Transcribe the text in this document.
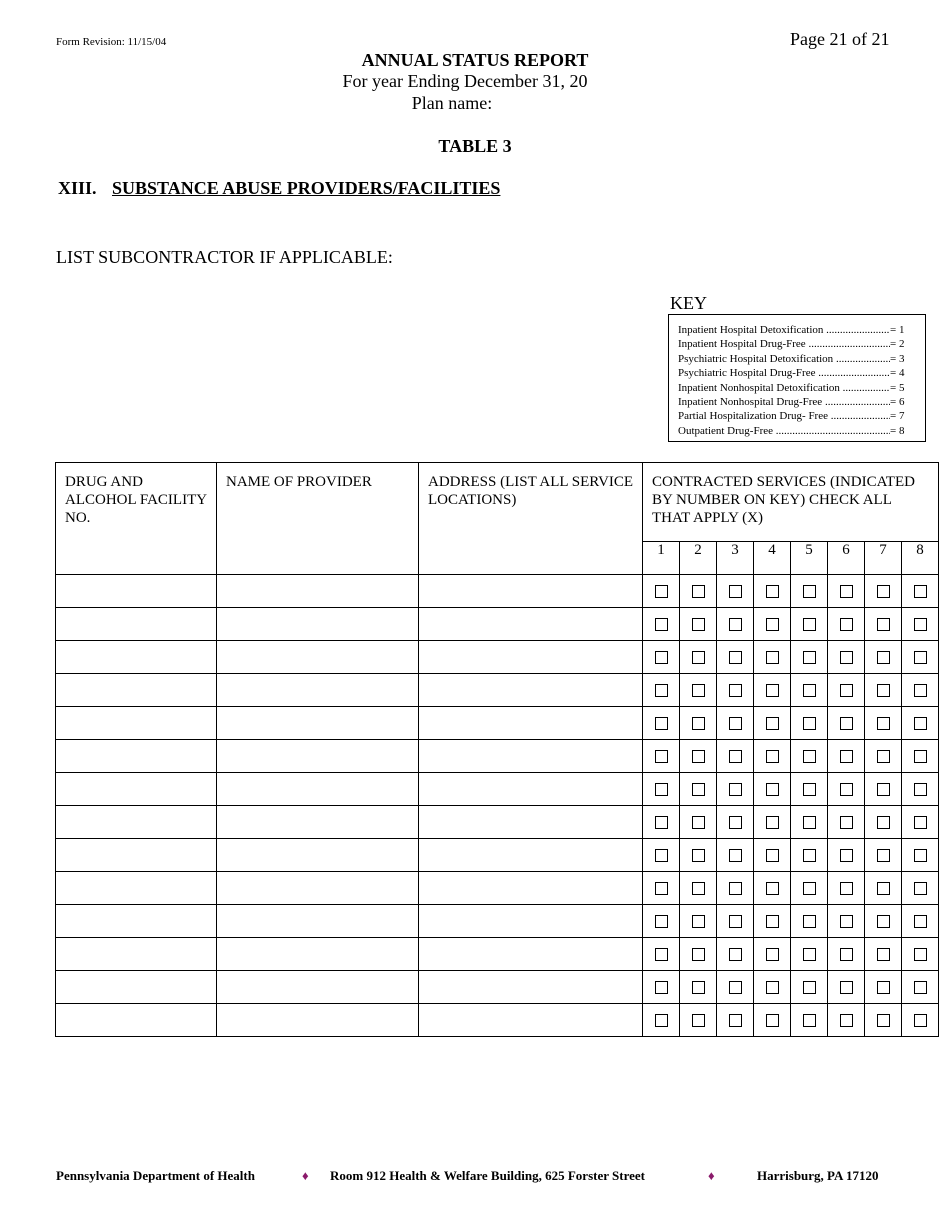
Form Revision: 11/15/04	Page 21 of 21
ANNUAL STATUS REPORT
For year Ending December 31, 20
Plan name:
TABLE 3
XIII. SUBSTANCE ABUSE PROVIDERS/FACILITIES
LIST SUBCONTRACTOR IF APPLICABLE:
KEY
Inpatient Hospital Detoxification .....	= 1
Inpatient Hospital Drug-Free .....	= 2
Psychiatric Hospital Detoxification .....	= 3
Psychiatric Hospital Drug-Free .....	= 4
Inpatient Nonhospital Detoxification .....	= 5
Inpatient Nonhospital Drug-Free .....	= 6
Partial Hospitalization Drug- Free .....	= 7
Outpatient Drug-Free .....	= 8
DRUG AND ALCOHOL FACILITY NO.	NAME OF PROVIDER	ADDRESS (LIST ALL SERVICE LOCATIONS)	CONTRACTED SERVICES (INDICATED BY NUMBER ON KEY) CHECK ALL THAT APPLY (X)							
			1	2	3	4	5	6	7	8

Pennsylvania Department of Health	♦ Room 912 Health & Welfare Building, 625 Forster Street	♦	Harrisburg, PA 17120
